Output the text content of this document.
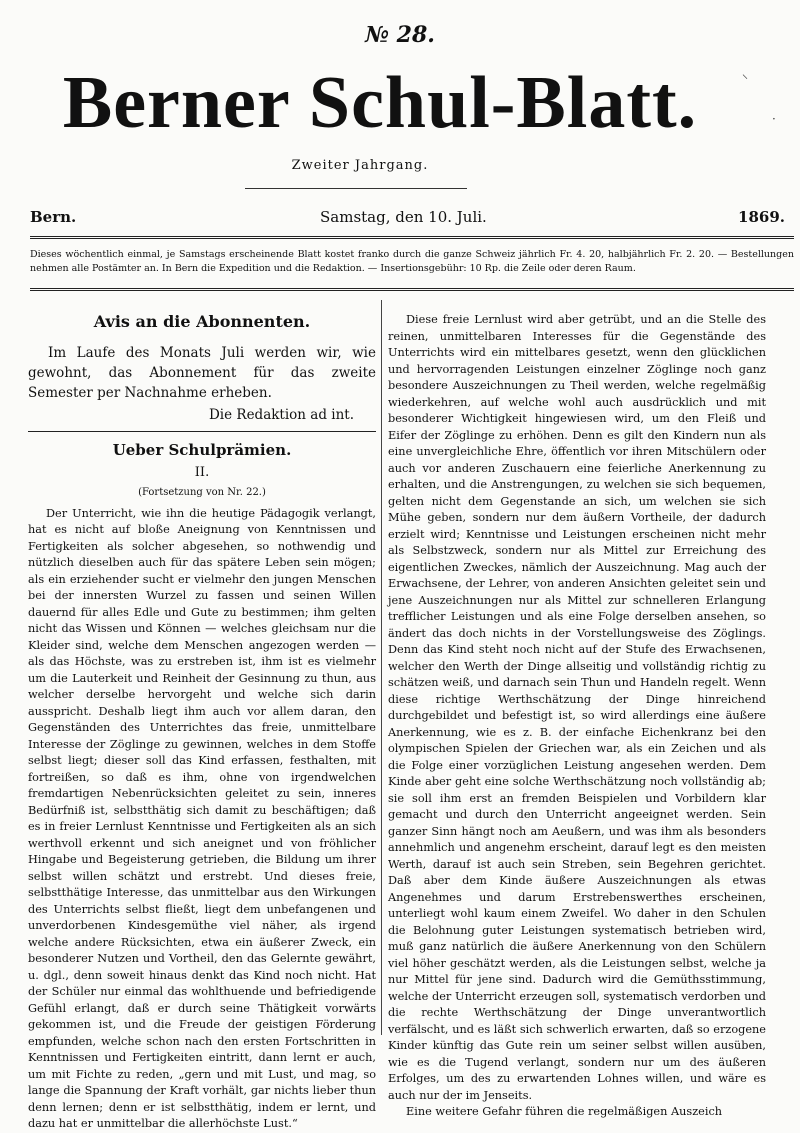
№ 28.
Berner Schul-Blatt.
Zweiter Jahrgang.
⸌
·
Bern.	Samstag, den 10. Juli.	1869.
Dieses wöchentlich einmal, je Samstags erscheinende Blatt kostet franko durch die ganze Schweiz jährlich Fr. 4. 20, halbjährlich Fr. 2. 20. — Bestellungen nehmen alle Postämter an. In Bern die Expedition und die Redaktion. — Insertionsgebühr: 10 Rp. die Zeile oder deren Raum.
Avis an die Abonnenten.

Im Laufe des Monats Juli werden wir, wie gewohnt, das Abonnement für das zweite Semester per Nachnahme erheben.

Die Redaktion ad int.
Ueber Schulprämien.
II.
(Fortsetzung von Nr. 22.)

Der Unterricht, wie ihn die heutige Pädagogik verlangt, hat es nicht auf bloße Aneignung von Kenntnissen und Fertigkeiten als solcher abgesehen, so nothwendig und nützlich dieselben auch für das spätere Leben sein mögen; als ein erziehender sucht er vielmehr den jungen Menschen bei der innersten Wurzel zu fassen und seinen Willen dauernd für alles Edle und Gute zu bestimmen; ihm gelten nicht das Wissen und Können — welches gleichsam nur die Kleider sind, welche dem Menschen angezogen werden — als das Höchste, was zu erstreben ist, ihm ist es vielmehr um die Lauterkeit und Reinheit der Gesinnung zu thun, aus welcher derselbe hervorgeht und welche sich darin ausspricht. Deshalb liegt ihm auch vor allem daran, den Gegenständen des Unterrichtes das freie, unmittelbare Interesse der Zöglinge zu gewinnen, welches in dem Stoffe selbst liegt; dieser soll das Kind erfassen, festhalten, mit fortreißen, so daß es ihm, ohne von irgendwelchen fremdartigen Nebenrücksichten geleitet zu sein, inneres Bedürfniß ist, selbstthätig sich damit zu beschäftigen; daß es in freier Lernlust Kenntnisse und Fertigkeiten als an sich werthvoll erkennt und sich aneignet und von fröhlicher Hingabe und Begeisterung getrieben, die Bildung um ihrer selbst willen schätzt und erstrebt. Und dieses freie, selbstthätige Interesse, das unmittelbar aus den Wirkungen des Unterrichts selbst fließt, liegt dem unbefangenen und unverdorbenen Kindesgemüthe viel näher, als irgend welche andere Rücksichten, etwa ein äußerer Zweck, ein besonderer Nutzen und Vortheil, den das Gelernte gewährt, u. dgl., denn soweit hinaus denkt das Kind noch nicht. Hat der Schüler nur einmal das wohlthuende und befriedigende Gefühl erlangt, daß er durch seine Thätigkeit vorwärts gekommen ist, und die Freude der geistigen Förderung empfunden, welche schon nach den ersten Fortschritten in Kenntnissen und Fertigkeiten eintritt, dann lernt er auch, um mit Fichte zu reden, „gern und mit Lust, und mag, so lange die Spannung der Kraft vorhält, gar nichts lieber thun denn lernen; denn er ist selbstthätig, indem er lernt, und dazu hat er unmittelbar die allerhöchste Lust.“

Diese freie Lernlust wird aber getrübt, und an die Stelle des reinen, unmittelbaren Interesses für die Gegenstände des Unterrichts wird ein mittelbares gesetzt, wenn den glücklichen und hervorragenden Leistungen einzelner Zöglinge noch ganz besondere Auszeichnungen zu Theil werden, welche regelmäßig wiederkehren, auf welche wohl auch ausdrücklich und mit besonderer Wichtigkeit hingewiesen wird, um den Fleiß und Eifer der Zöglinge zu erhöhen. Denn es gilt den Kindern nun als eine unvergleichliche Ehre, öffentlich vor ihren Mitschülern oder auch vor anderen Zuschauern eine feierliche Anerkennung zu erhalten, und die Anstrengungen, zu welchen sie sich bequemen, gelten nicht dem Gegenstande an sich, um welchen sie sich Mühe geben, sondern nur dem äußern Vortheile, der dadurch erzielt wird; Kenntnisse und Leistungen erscheinen nicht mehr als Selbstzweck, sondern nur als Mittel zur Erreichung des eigentlichen Zweckes, nämlich der Auszeichnung. Mag auch der Erwachsene, der Lehrer, von anderen Ansichten geleitet sein und jene Auszeichnungen nur als Mittel zur schnelleren Erlangung trefflicher Leistungen und als eine Folge derselben ansehen, so ändert das doch nichts in der Vorstellungsweise des Zöglings. Denn das Kind steht noch nicht auf der Stufe des Erwachsenen, welcher den Werth der Dinge allseitig und vollständig richtig zu schätzen weiß, und darnach sein Thun und Handeln regelt. Wenn diese richtige Werthschätzung der Dinge hinreichend durchgebildet und befestigt ist, so wird allerdings eine äußere Anerkennung, wie es z. B. der einfache Eichenkranz bei den olympischen Spielen der Griechen war, als ein Zeichen und als die Folge einer vorzüglichen Leistung angesehen werden. Dem Kinde aber geht eine solche Werthschätzung noch vollständig ab; sie soll ihm erst an fremden Beispielen und Vorbildern klar gemacht und durch den Unterricht angeeignet werden. Sein ganzer Sinn hängt noch am Aeußern, und was ihm als besonders annehmlich und angenehm erscheint, darauf legt es den meisten Werth, darauf ist auch sein Streben, sein Begehren gerichtet. Daß aber dem Kinde äußere Auszeichnungen als etwas Angenehmes und darum Erstrebenswerthes erscheinen, unterliegt wohl kaum einem Zweifel. Wo daher in den Schulen die Belohnung guter Leistungen systematisch betrieben wird, muß ganz natürlich die äußere Anerkennung von den Schülern viel höher geschätzt werden, als die Leistungen selbst, welche ja nur Mittel für jene sind. Dadurch wird die Gemüthsstimmung, welche der Unterricht erzeugen soll, systematisch verdorben und die rechte Werthschätzung der Dinge unverantwortlich verfälscht, und es läßt sich schwerlich erwarten, daß so erzogene Kinder künftig das Gute rein um seiner selbst willen ausüben, wie es die Tugend verlangt, sondern nur um des äußeren Erfolges, um des zu erwartenden Lohnes willen, und wäre es auch nur der im Jenseits.

Eine weitere Gefahr führen die regelmäßigen Auszeich
